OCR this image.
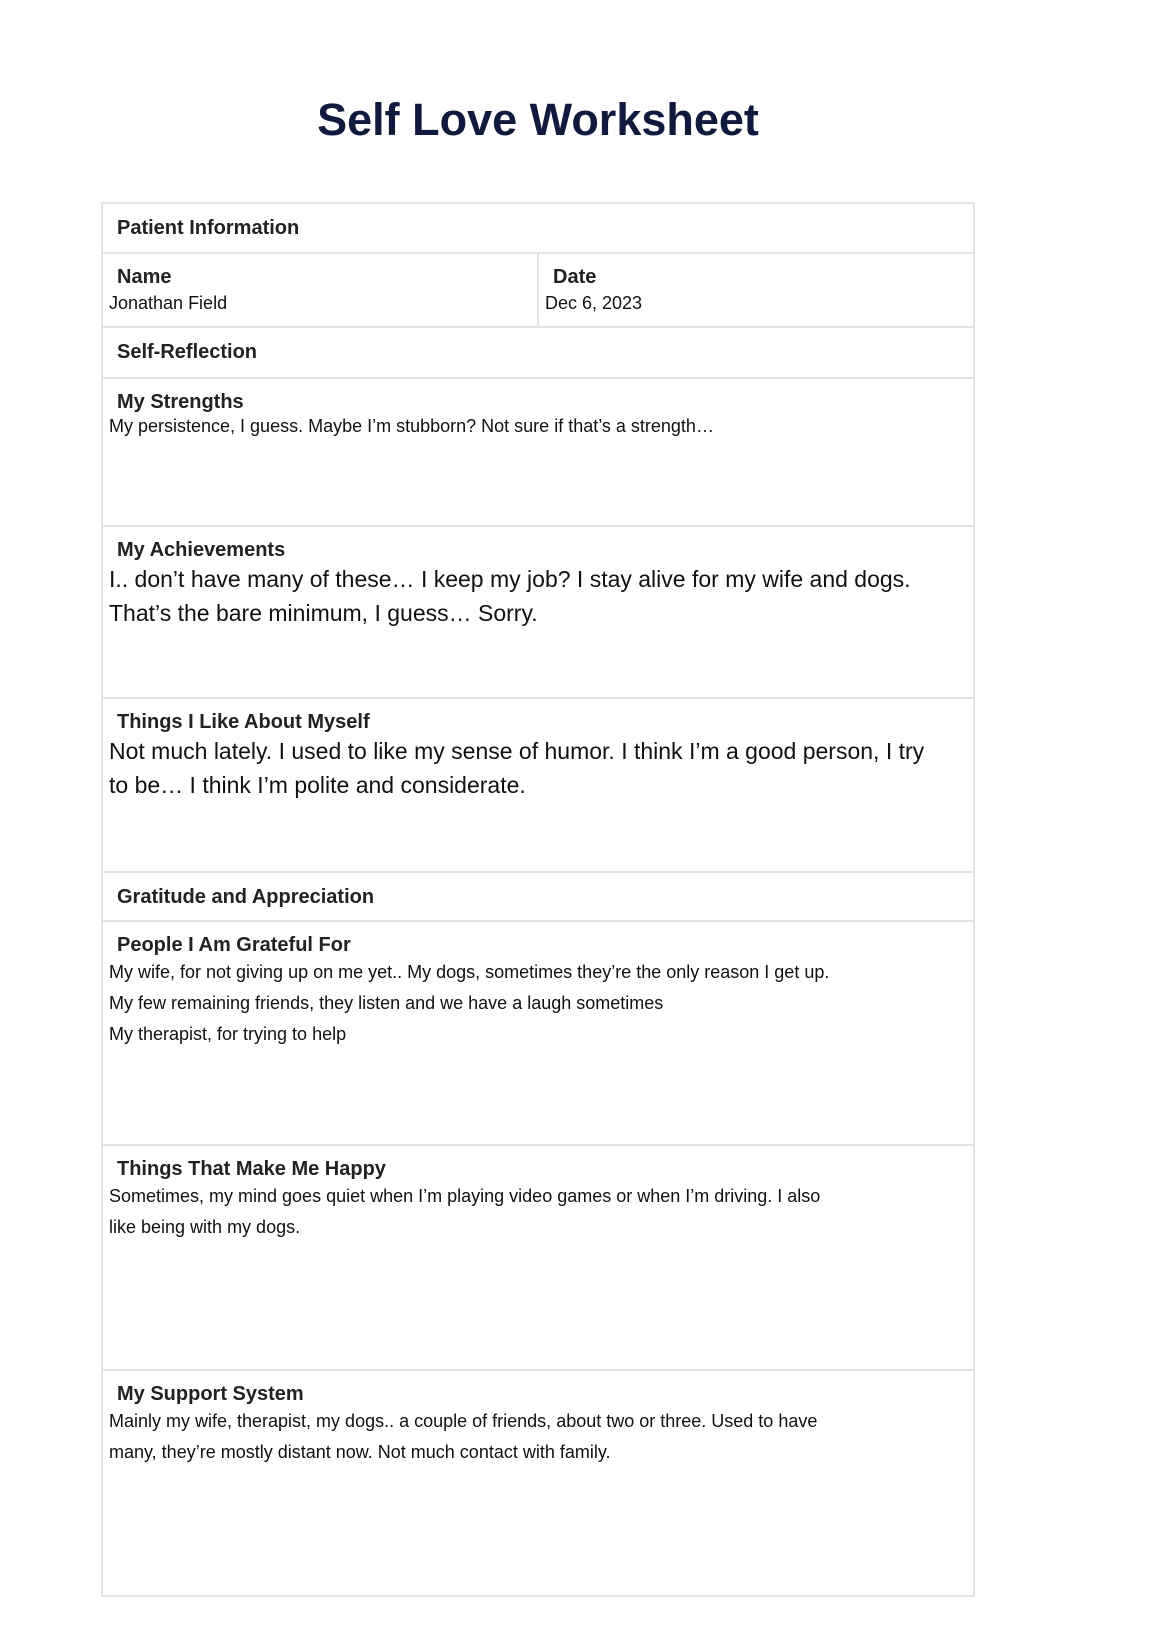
Self Love Worksheet
Patient Information
Name
Jonathan Field
Date
Dec 6, 2023
Self-Reflection
My Strengths
My persistence, I guess. Maybe I’m stubborn? Not sure if that’s a strength…
My Achievements
I.. don’t have many of these… I keep my job? I stay alive for my wife and dogs.
That’s the bare minimum, I guess… Sorry.
Things I Like About Myself
Not much lately. I used to like my sense of humor. I think I’m a good person, I try
to be… I think I’m polite and considerate.
Gratitude and Appreciation
People I Am Grateful For
My wife, for not giving up on me yet.. My dogs, sometimes they’re the only reason I get up.
My few remaining friends, they listen and we have a laugh sometimes
My therapist, for trying to help
Things That Make Me Happy
Sometimes, my mind goes quiet when I’m playing video games or when I’m driving. I also
like being with my dogs.
My Support System
Mainly my wife, therapist, my dogs.. a couple of friends, about two or three. Used to have
many, they’re mostly distant now. Not much contact with family.
